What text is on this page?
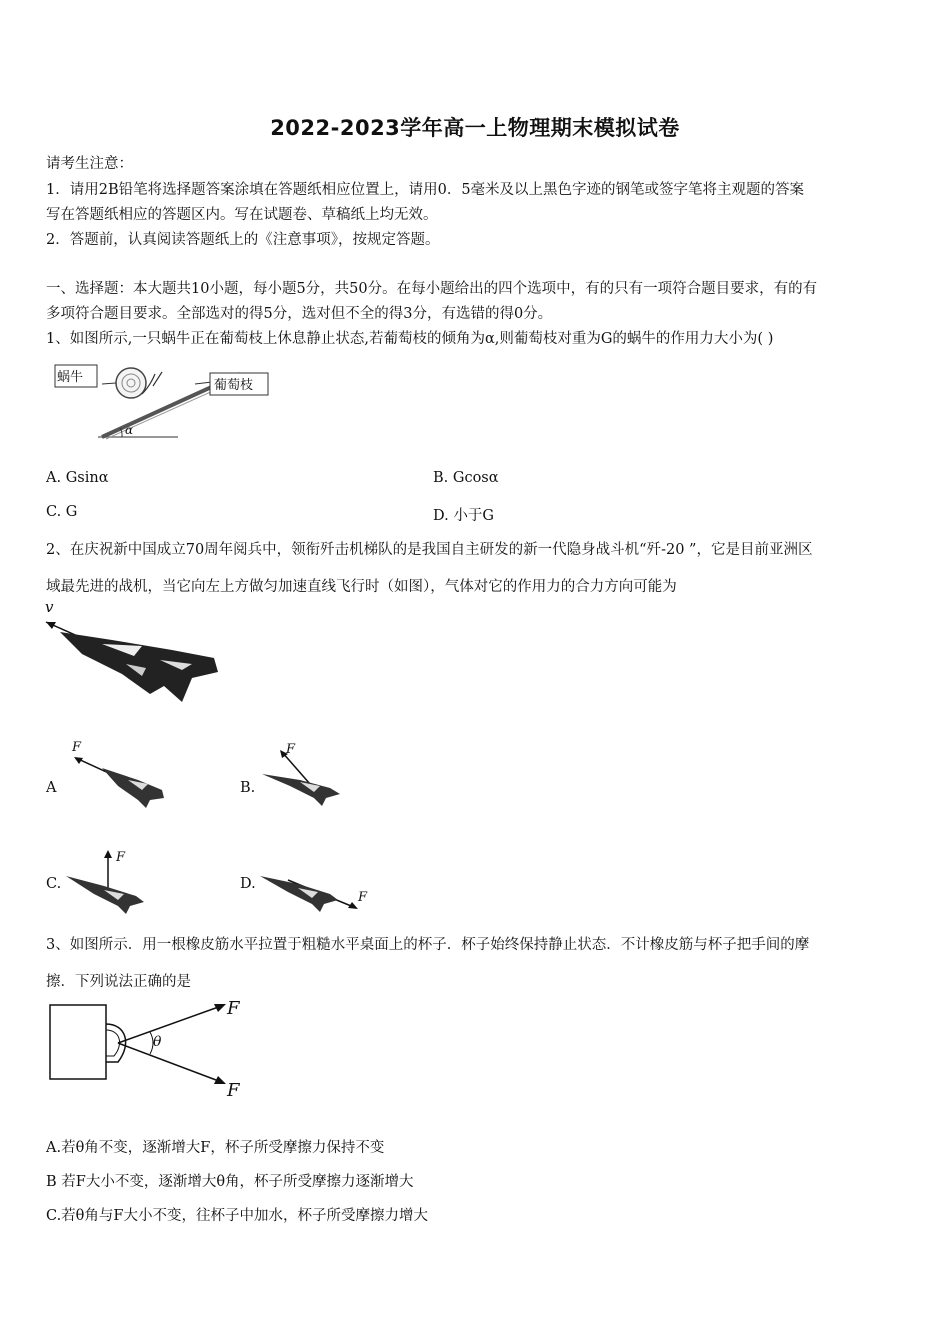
2022-2023学年高一上物理期末模拟试卷
请考生注意：
1．请用2B铅笔将选择题答案涂填在答题纸相应位置上，请用0．5毫米及以上黑色字迹的钢笔或签字笔将主观题的答案
写在答题纸相应的答题区内。写在试题卷、草稿纸上均无效。
2．答题前，认真阅读答题纸上的《注意事项》，按规定答题。
一、选择题：本大题共10小题，每小题5分，共50分。在每小题给出的四个选项中，有的只有一项符合题目要求，有的有
多项符合题目要求。全部选对的得5分，选对但不全的得3分，有选错的得0分。
1、如图所示,一只蜗牛正在葡萄枝上休息静止状态,若葡萄枝的倾角为α,则葡萄枝对重为G的蜗牛的作用力大小为( )
蜗牛
葡萄枝
α
A. Gsinα	B. Gcosα
C. G	D. 小于G
2、在庆祝新中国成立70周年阅兵中，领衔歼击机梯队的是我国自主研发的新一代隐身战斗机“歼-20 ”，它是目前亚洲区
域最先进的战机，当它向左上方做匀加速直线飞行时（如图），气体对它的作用力的合力方向可能为
v
A
F
B.
F
C.
F
D.
F
3、如图所示．用一根橡皮筋水平拉置于粗糙水平桌面上的杯子．杯子始终保持静止状态．不计橡皮筋与杯子把手间的摩
擦．下列说法正确的是
F
F
θ
A.若θ角不变，逐渐增大F，杯子所受摩擦力保持不变
B 若F大小不变，逐渐增大θ角，杯子所受摩擦力逐渐增大
C.若θ角与F大小不变，往杯子中加水，杯子所受摩擦力增大
